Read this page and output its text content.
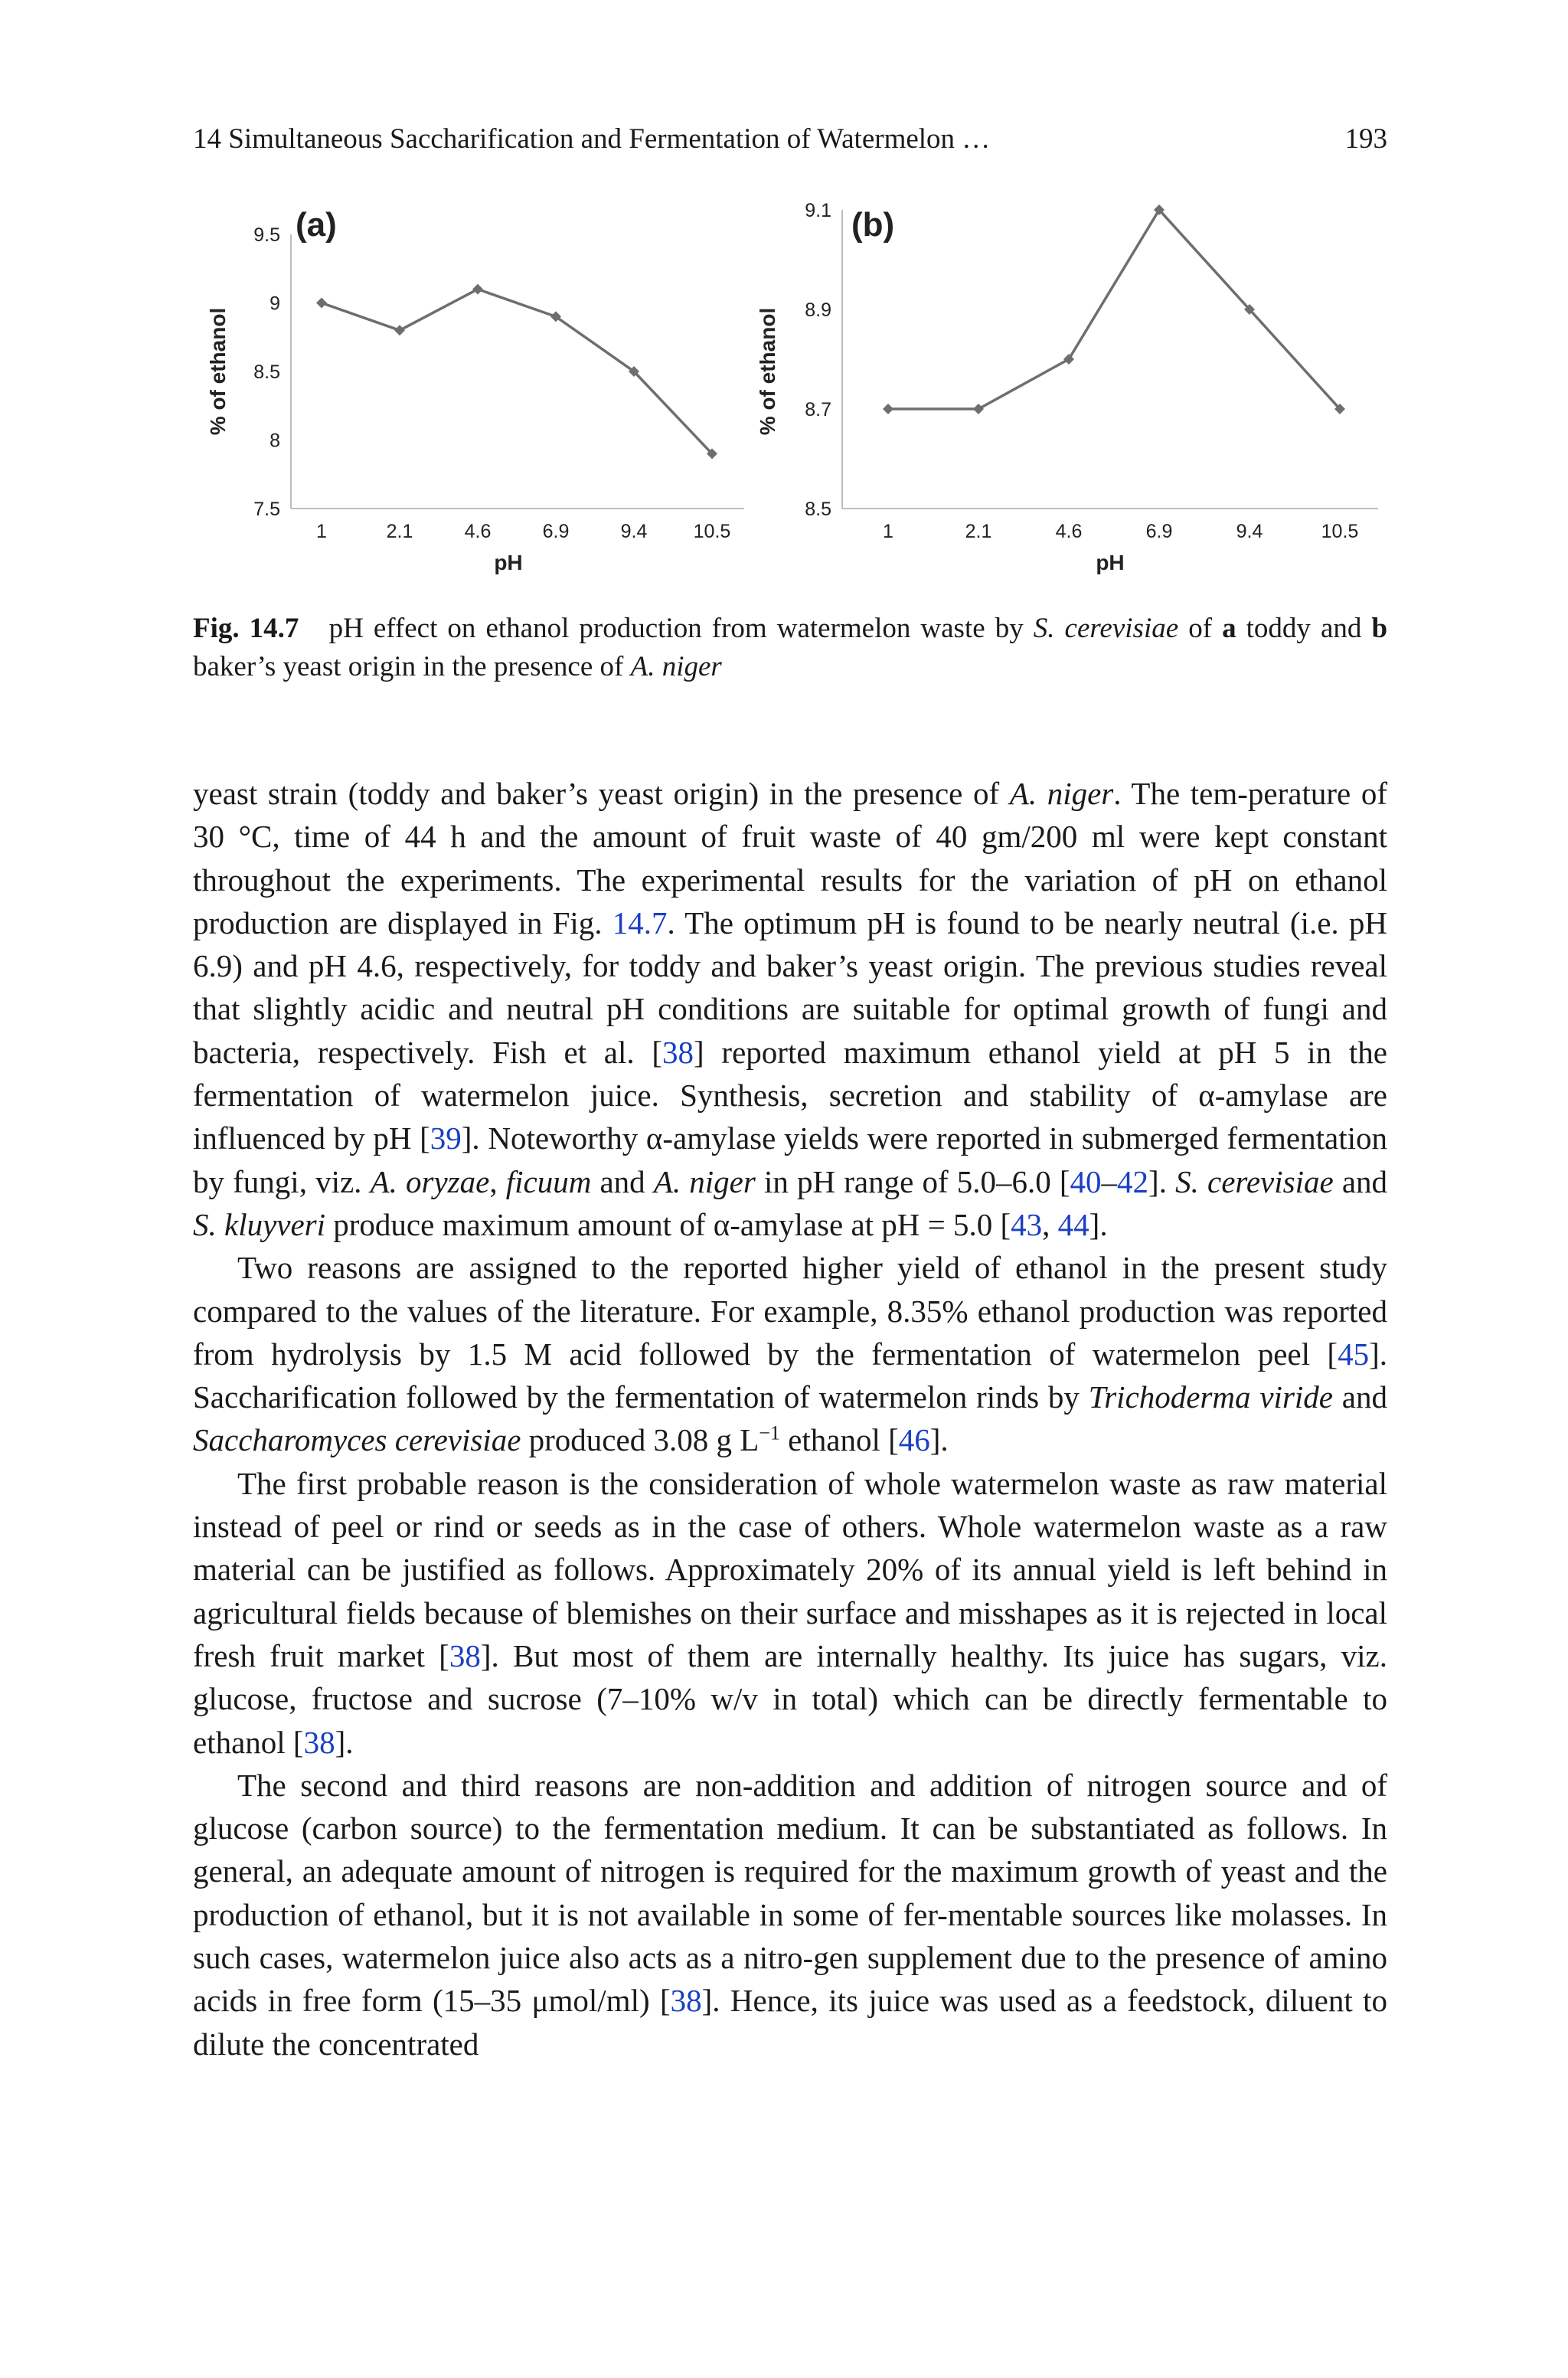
14 Simultaneous Saccharification and Fermentation of Watermelon …	193
(a)
% of ethanol
pH
7.5
8
8.5
9
9.5
1	2.1	4.6	6.9	9.4 10.5
(b)
% of ethanol
pH
8.5
8.7
8.9
9.1
1	2.1	4.6	6.9	9.4	10.5

Fig. 14.7 pH effect on ethanol production from watermelon waste by S. cerevisiae of a toddy and b baker’s yeast origin in the presence of A. niger

yeast strain (toddy and baker’s yeast origin) in the presence of A. niger. The tem-perature of 30 °C, time of 44 h and the amount of fruit waste of 40 gm/200 ml were kept constant throughout the experiments. The experimental results for the variation of pH on ethanol production are displayed in Fig. 14.7. The optimum pH is found to be nearly neutral (i.e. pH 6.9) and pH 4.6, respectively, for toddy and baker’s yeast origin. The previous studies reveal that slightly acidic and neutral pH conditions are suitable for optimal growth of fungi and bacteria, respectively. Fish et al. [38] reported maximum ethanol yield at pH 5 in the fermentation of watermelon juice. Synthesis, secretion and stability of α-amylase are influenced by pH [39]. Noteworthy α-amylase yields were reported in submerged fermentation by fungi, viz. A. oryzae, ficuum and A. niger in pH range of 5.0–6.0 [40–42]. S. cerevisiae and S. kluyveri produce maximum amount of α-amylase at pH = 5.0 [43, 44].

Two reasons are assigned to the reported higher yield of ethanol in the present study compared to the values of the literature. For example, 8.35% ethanol production was reported from hydrolysis by 1.5 M acid followed by the fermentation of watermelon peel [45]. Saccharification followed by the fermentation of watermelon rinds by Trichoderma viride and Saccharomyces cerevisiae produced 3.08 g $L^{-1}$ ethanol [46].

The first probable reason is the consideration of whole watermelon waste as raw material instead of peel or rind or seeds as in the case of others. Whole watermelon waste as a raw material can be justified as follows. Approximately 20% of its annual yield is left behind in agricultural fields because of blemishes on their surface and misshapes as it is rejected in local fresh fruit market [38]. But most of them are internally healthy. Its juice has sugars, viz. glucose, fructose and sucrose (7–10% w/v in total) which can be directly fermentable to ethanol [38].

The second and third reasons are non-addition and addition of nitrogen source and of glucose (carbon source) to the fermentation medium. It can be substantiated as follows. In general, an adequate amount of nitrogen is required for the maximum growth of yeast and the production of ethanol, but it is not available in some of fer-mentable sources like molasses. In such cases, watermelon juice also acts as a nitro-gen supplement due to the presence of amino acids in free form (15–35 μmol/ml) [38]. Hence, its juice was used as a feedstock, diluent to dilute the concentrated
